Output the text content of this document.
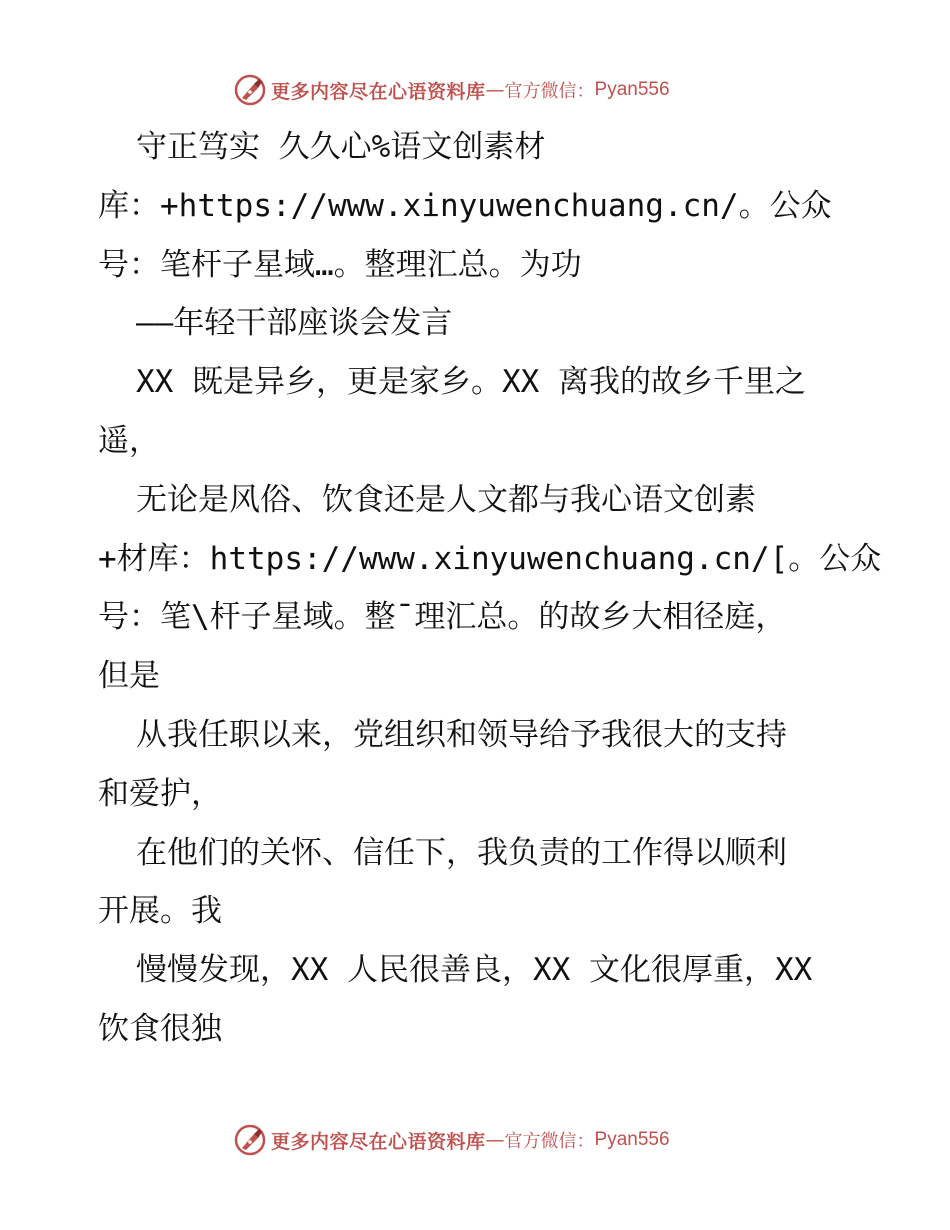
更多内容尽在心语资料库 — 官方微信： Pyan556
守正笃实 久久心%语文创素材
库：+https://www.xinyuwenchuang.cn/。公众
号：笔杆子星域…。整理汇总。为功
——年轻干部座谈会发言
XX 既是异乡，更是家乡。XX 离我的故乡千里之
遥，
无论是风俗、饮食还是人文都与我心语文创素
+材库：https://www.xinyuwenchuang.cn/[。公众
号：笔\杆子星域。整¯理汇总。的故乡大相径庭，
但是
从我任职以来，党组织和领导给予我很大的支持
和爱护，
在他们的关怀、信任下，我负责的工作得以顺利
开展。我
慢慢发现，XX 人民很善良，XX 文化很厚重，XX
饮食很独
更多内容尽在心语资料库 — 官方微信： Pyan556
